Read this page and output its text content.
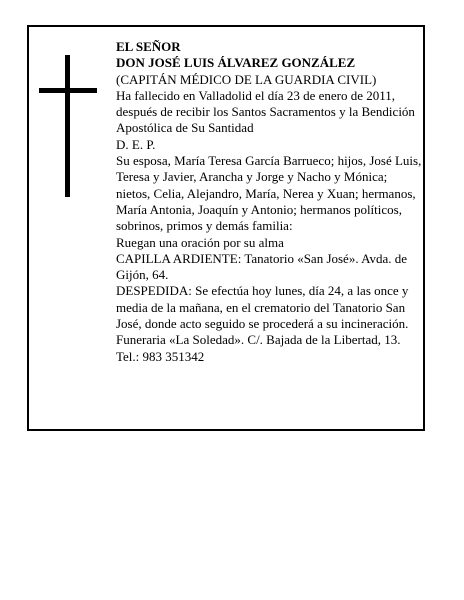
EL SEÑOR

DON JOSÉ LUIS ÁLVAREZ GONZÁLEZ

(CAPITÁN MÉDICO DE LA GUARDIA CIVIL)

Ha fallecido en Valladolid el día 23 de enero de 2011, después de recibir los Santos Sacramentos y la Bendición Apostólica de Su Santidad

D. E. P.

Su esposa, María Teresa García Barrueco; hijos, José Luis, Teresa y Javier, Arancha y Jorge y Nacho y Mónica; nietos, Celia, Alejandro, María, Nerea y Xuan; hermanos, María Antonia, Joaquín y Antonio; hermanos políticos, sobrinos, primos y demás familia:

Ruegan una oración por su alma

CAPILLA ARDIENTE: Tanatorio «San José». Avda. de Gijón, 64.

DESPEDIDA: Se efectúa hoy lunes, día 24, a las once y media de la mañana, en el crematorio del Tanatorio San José, donde acto seguido se procederá a su incineración.

Funeraria «La Soledad». C/. Bajada de la Libertad, 13.

Tel.: 983 351342
